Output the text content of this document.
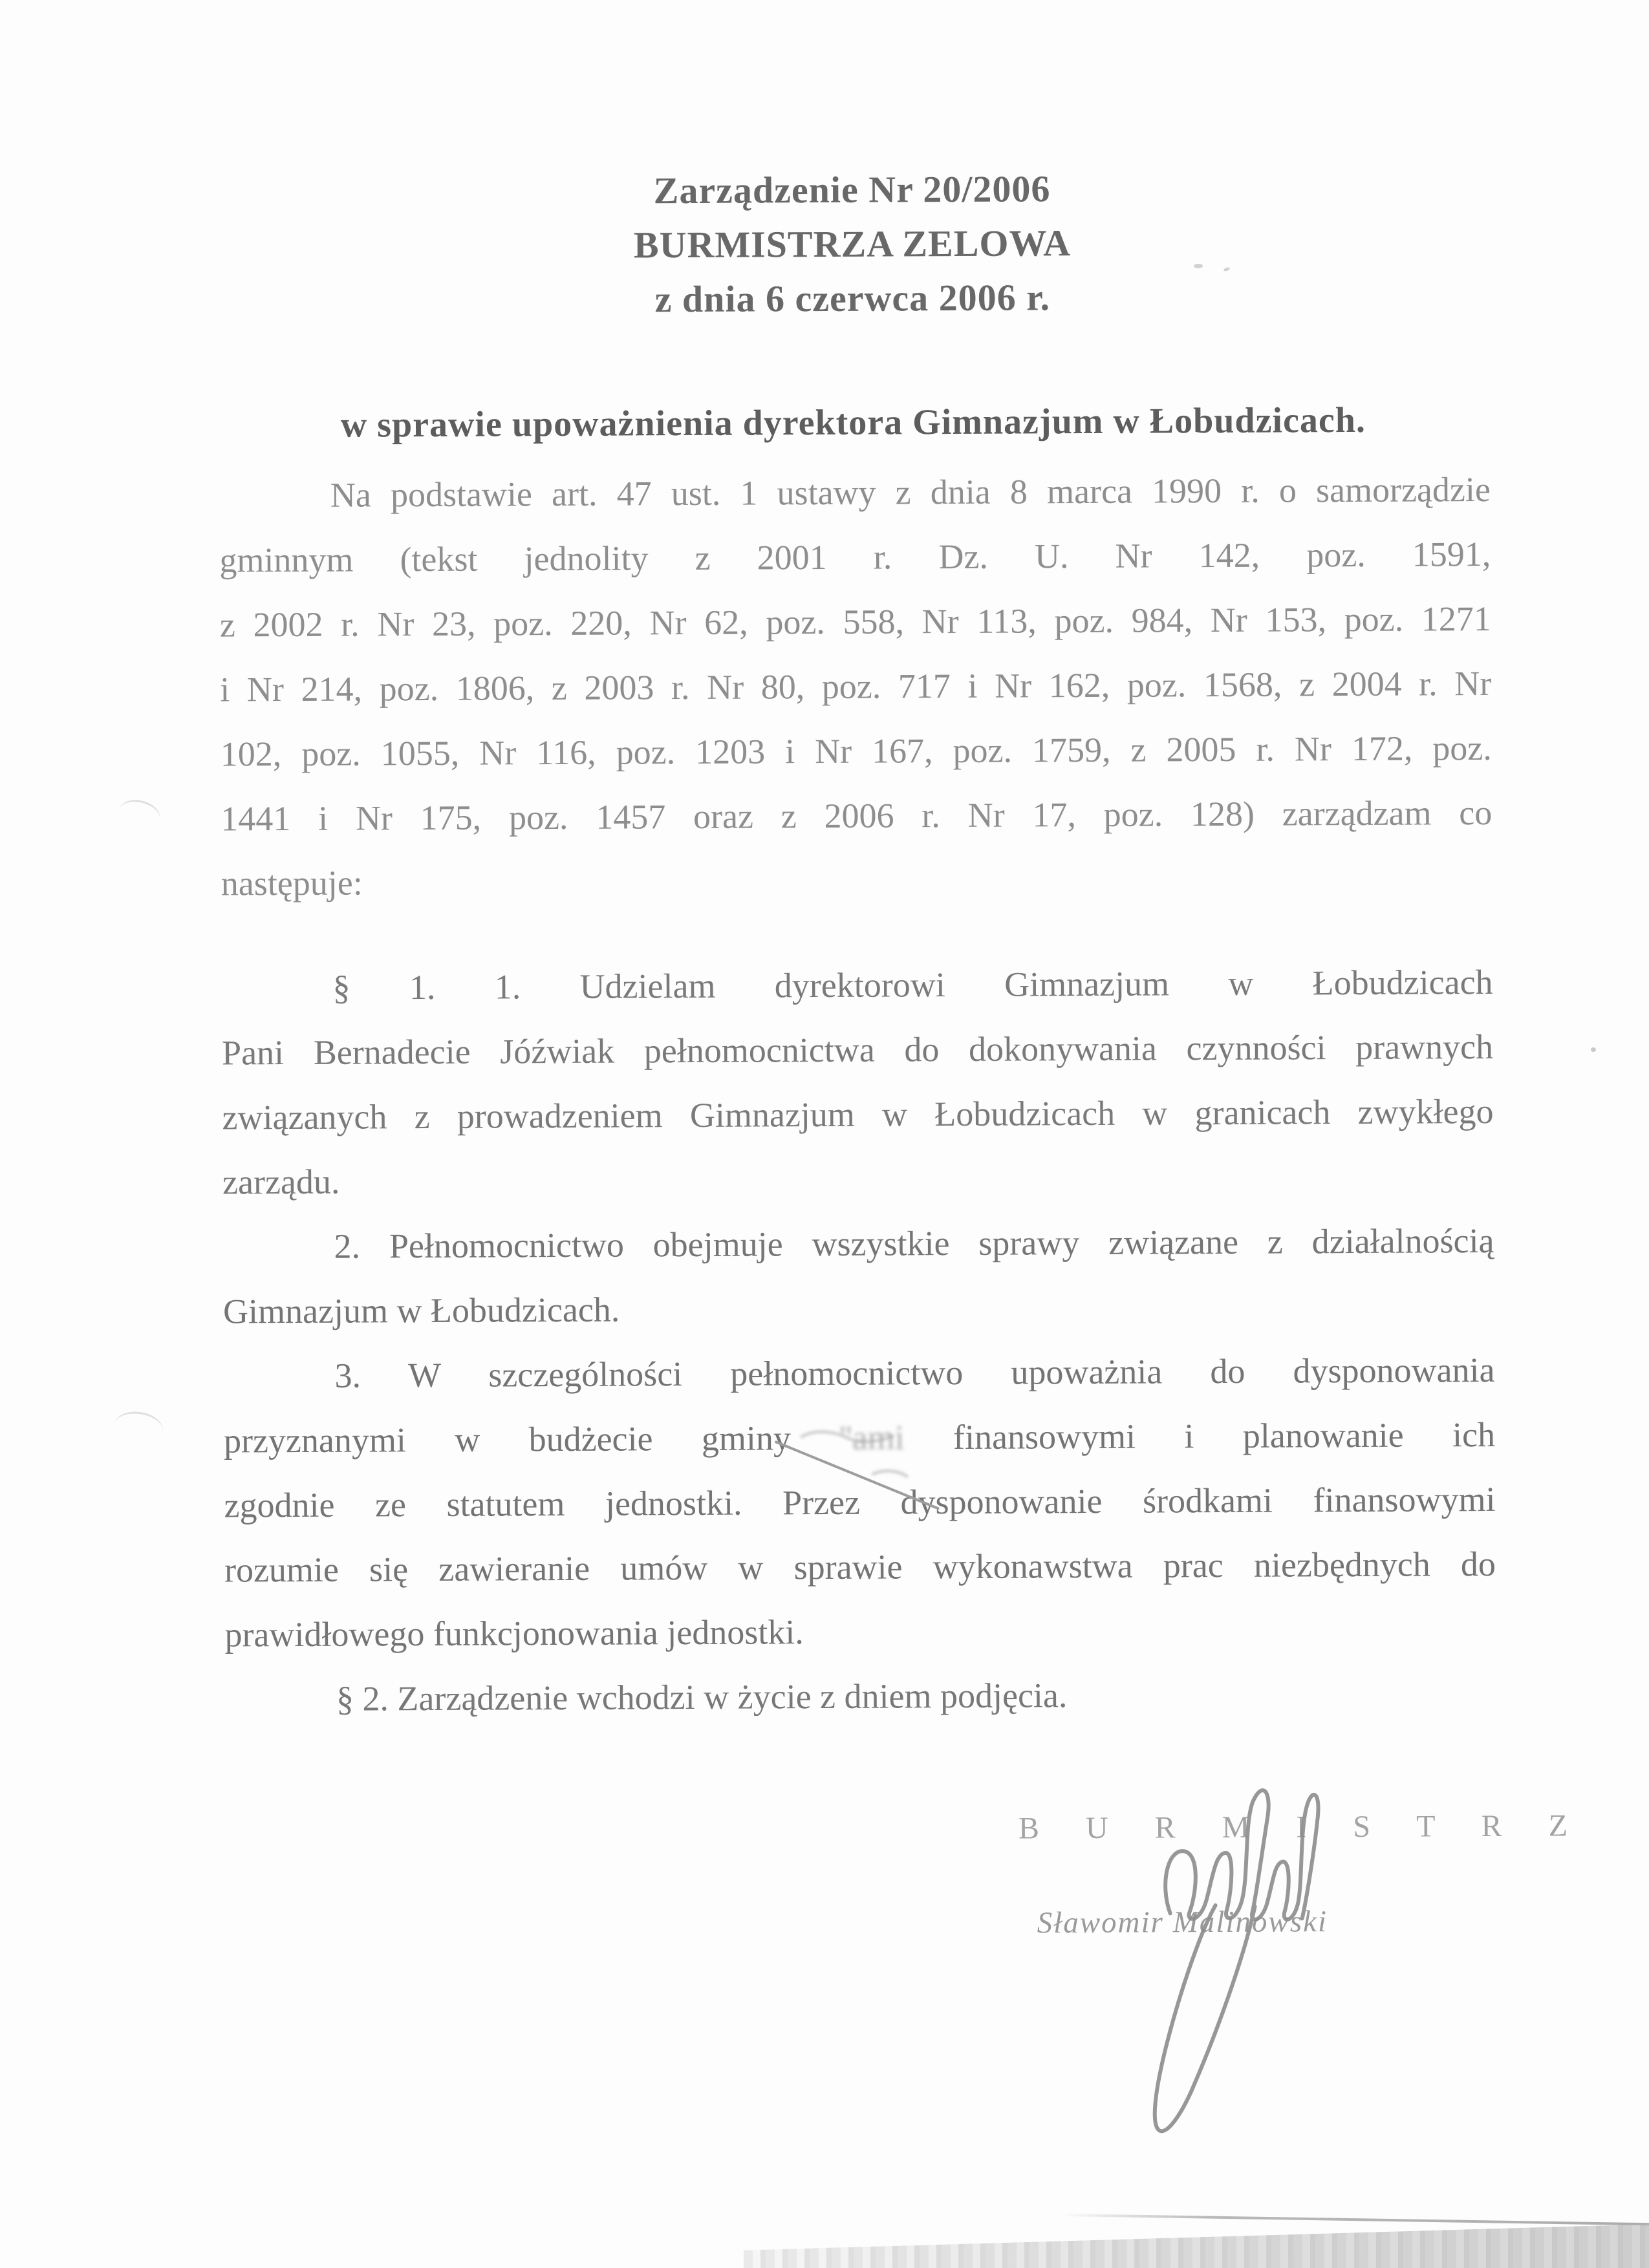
Zarządzenie Nr 20/2006
BURMISTRZA ZELOWA
z dnia 6 czerwca 2006 r.
w sprawie upoważnienia dyrektora Gimnazjum w Łobudzicach.
Na podstawie art. 47 ust. 1 ustawy z dnia 8 marca 1990 r. o samorządzie
gminnym (tekst jednolity z 2001 r. Dz. U. Nr 142, poz. 1591,
z 2002 r. Nr 23, poz. 220, Nr 62, poz. 558, Nr 113, poz. 984, Nr 153, poz. 1271
i Nr 214, poz. 1806, z 2003 r. Nr 80, poz. 717 i Nr 162, poz. 1568, z 2004 r. Nr
102, poz. 1055, Nr 116, poz. 1203 i Nr 167, poz. 1759, z 2005 r. Nr 172, poz.
1441 i Nr 175, poz. 1457 oraz z 2006 r. Nr 17, poz. 128) zarządzam co
następuje:
§ 1. 1. Udzielam dyrektorowi Gimnazjum w Łobudzicach
Pani Bernadecie Jóźwiak pełnomocnictwa do dokonywania czynności prawnych
związanych z prowadzeniem Gimnazjum w Łobudzicach w granicach zwykłego
zarządu.
2. Pełnomocnictwo obejmuje wszystkie sprawy związane z działalnością
Gimnazjum w Łobudzicach.
3. W szczególności pełnomocnictwo upoważnia do dysponowania
przyznanymi w budżecie gminy ''ami finansowymi i planowanie ich
zgodnie ze statutem jednostki. Przez dysponowanie środkami finansowymi
rozumie się zawieranie umów w sprawie wykonawstwa prac niezbędnych do
prawidłowego funkcjonowania jednostki.
§ 2. Zarządzenie wchodzi w życie z dniem podjęcia.
B U R M I S T R Z
Sławomir Malinowski
